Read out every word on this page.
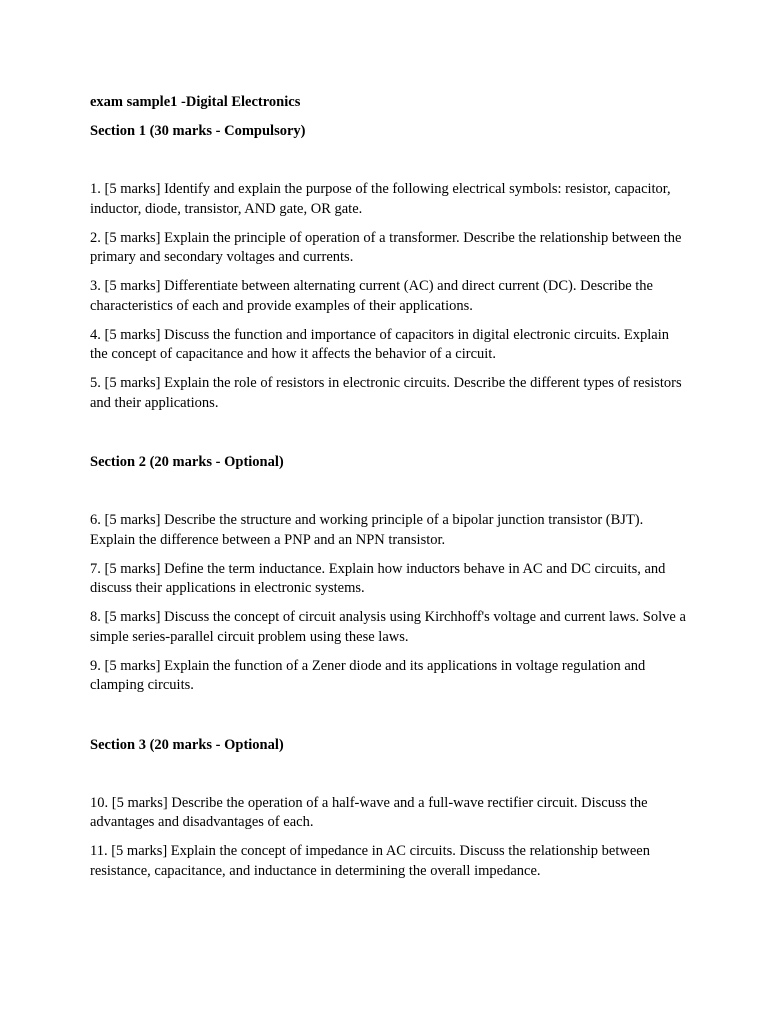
exam sample1 -Digital Electronics

Section 1 (30 marks - Compulsory)

1. [5 marks] Identify and explain the purpose of the following electrical symbols: resistor, capacitor, inductor, diode, transistor, AND gate, OR gate.

2. [5 marks] Explain the principle of operation of a transformer. Describe the relationship between the primary and secondary voltages and currents.

3. [5 marks] Differentiate between alternating current (AC) and direct current (DC). Describe the characteristics of each and provide examples of their applications.

4. [5 marks] Discuss the function and importance of capacitors in digital electronic circuits. Explain the concept of capacitance and how it affects the behavior of a circuit.

5. [5 marks] Explain the role of resistors in electronic circuits. Describe the different types of resistors and their applications.

Section 2 (20 marks - Optional)

6. [5 marks] Describe the structure and working principle of a bipolar junction transistor (BJT). Explain the difference between a PNP and an NPN transistor.

7. [5 marks] Define the term inductance. Explain how inductors behave in AC and DC circuits, and discuss their applications in electronic systems.

8. [5 marks] Discuss the concept of circuit analysis using Kirchhoff's voltage and current laws. Solve a simple series-parallel circuit problem using these laws.

9. [5 marks] Explain the function of a Zener diode and its applications in voltage regulation and clamping circuits.

Section 3 (20 marks - Optional)

10. [5 marks] Describe the operation of a half-wave and a full-wave rectifier circuit. Discuss the advantages and disadvantages of each.

11. [5 marks] Explain the concept of impedance in AC circuits. Discuss the relationship between resistance, capacitance, and inductance in determining the overall impedance.
